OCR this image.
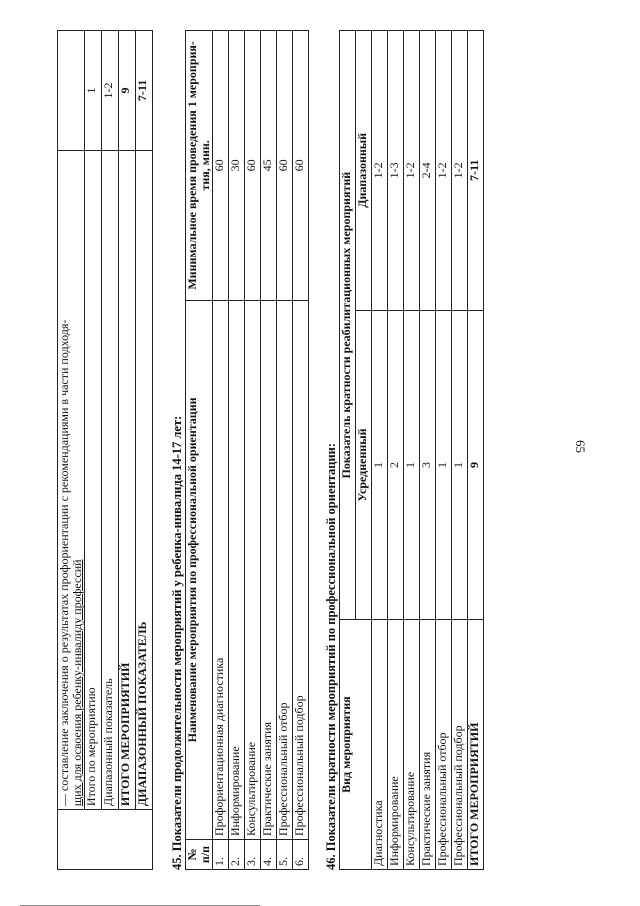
65

	— составление заключения о результатах профориентации с рекомендациями в части подходя- щих для освоения ребенку-инвалиду профессий	

	Итого по мероприятию	1
	Диапазонный показатель	1-2
	ИТОГО МЕРОПРИЯТИЙ	9
	ДИАПАЗОННЫЙ ПОКАЗАТЕЛЬ	7-11
45. Показатели продолжительности мероприятий у ребенка-инвалида 14-17 лет: № п/п	Наименование мероприятия по профессиональной ориентации	Минимальное время проведения 1 мероприя-тия, мин.
1.	Профориентационная диагностика	60
2.	Информирование	30
3.	Консультирование	60
4.	Практические занятия	45
5.	Профессиональный отбор	60
6.	Профессиональный подбор	60
46. Показатели кратности мероприятий по профессиональной ориентации: Вид мероприятия	Показатель кратности реабилитационных мероприятий	
	Усредненный	Диапазонный
Диагностика	1	1-2
Информирование	2	1-3
Консультирование	1	1-2
Практические занятия	3	2-4
Профессиональный отбор	1	1-2
Профессиональный подбор	1	1-2
ИТОГО МЕРОПРИЯТИЙ	9	7-11
